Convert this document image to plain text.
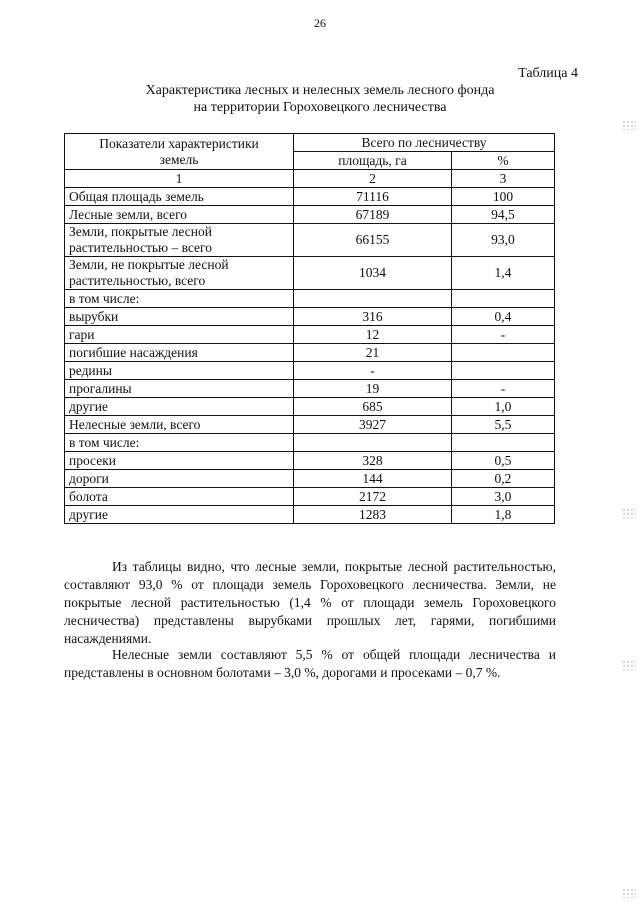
26
Таблица 4
Характеристика лесных и нелесных земель лесного фонда
на территории Гороховецкого лесничества
Показатели характеристики
земель	Всего по лесничеству	
	площадь, га	%
1	2	3
Общая площадь земель	71116	100
Лесные земли, всего	67189	94,5

Земли, покрытые лесной
растительностью – всего	66155	93,0

Земли, не покрытые лесной
растительностью, всего	1034	1,4
в том числе:		
вырубки	316	0,4
гари	12	-
погибшие насаждения	21	
редины	-	
прогалины	19	-
другие	685	1,0
Нелесные земли, всего	3927	5,5
в том числе:		
просеки	328	0,5
дороги	144	0,2
болота	2172	3,0
другие	1283	1,8

Из таблицы видно, что лесные земли, покрытые лесной растительностью, составляют 93,0 % от площади земель Гороховецкого лесничества. Земли, не покрытые лесной растительностью (1,4 % от площади земель Гороховецкого лесничества) представлены вырубками прошлых лет, гарями, погибшими насаждениями.

Нелесные земли составляют 5,5 % от общей площади лесничества и представлены в основном болотами – 3,0 %, дорогами и просеками – 0,7 %.
